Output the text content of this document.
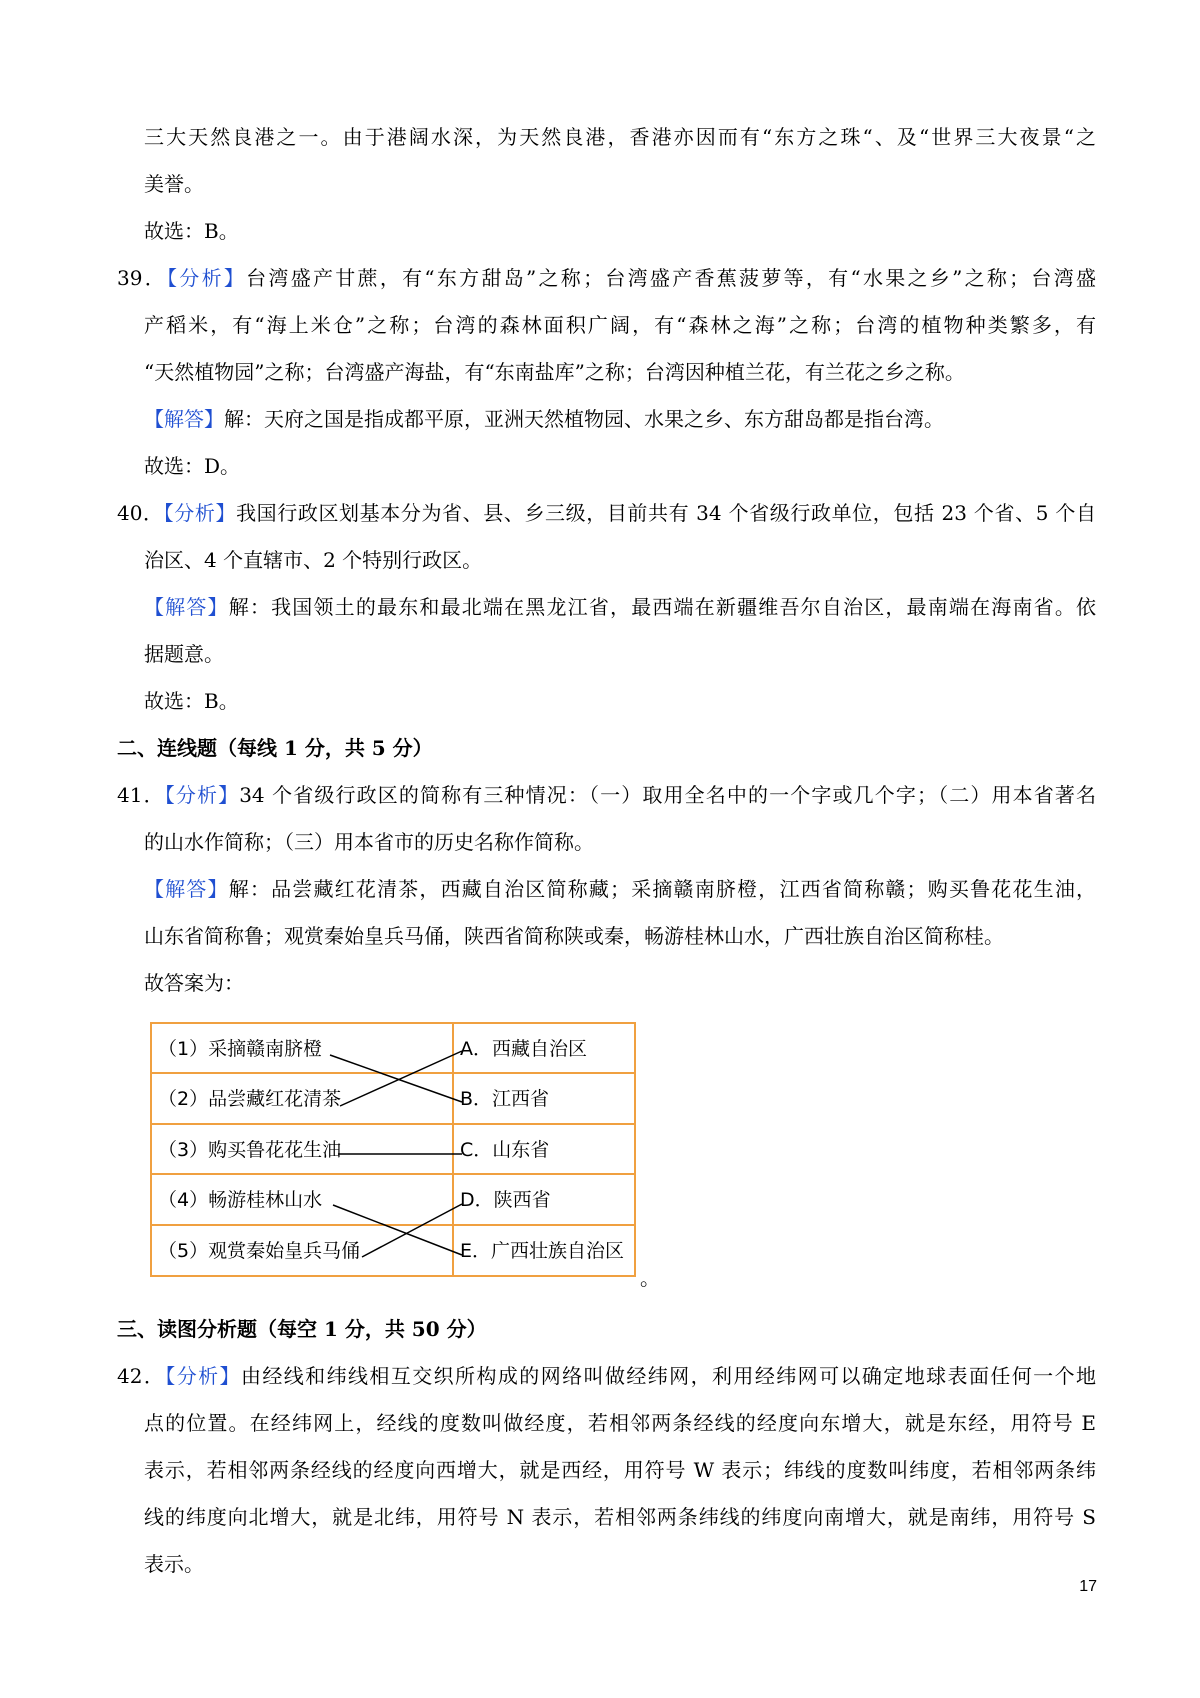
三大天然良港之一。由于港阔水深，为天然良港，香港亦因而有“东方之珠“、及“世界三大夜景“之
美誉。
故选：B。
39．【分析】台湾盛产甘蔗，有“东方甜岛”之称；台湾盛产香蕉菠萝等，有“水果之乡”之称；台湾盛
产稻米，有“海上米仓”之称；台湾的森林面积广阔，有“森林之海”之称；台湾的植物种类繁多，有
“天然植物园”之称；台湾盛产海盐，有“东南盐库”之称；台湾因种植兰花，有兰花之乡之称。
【解答】解：天府之国是指成都平原，亚洲天然植物园、水果之乡、东方甜岛都是指台湾。
故选：D。
40．【分析】我国行政区划基本分为省、县、乡三级，目前共有 34 个省级行政单位，包括 23 个省、5 个自
治区、4 个直辖市、2 个特别行政区。
【解答】解：我国领土的最东和最北端在黑龙江省，最西端在新疆维吾尔自治区，最南端在海南省。依
据题意。
故选：B。
二、连线题（每线 1 分，共 5 分）
41．【分析】34 个省级行政区的简称有三种情况：（一）取用全名中的一个字或几个字；（二）用本省著名
的山水作简称；（三）用本省市的历史名称作简称。
【解答】解：品尝藏红花清茶，西藏自治区简称藏；采摘赣南脐橙，江西省简称赣；购买鲁花花生油，
山东省简称鲁；观赏秦始皇兵马俑，陕西省简称陕或秦，畅游桂林山水，广西壮族自治区简称桂。
故答案为：
（1）采摘赣南脐橙
（2）品尝藏红花清茶
（3）购买鲁花花生油
（4）畅游桂林山水
（5）观赏秦始皇兵马俑
A．西藏自治区
B．江西省
C．山东省
D．陕西省
E．广西壮族自治区
。
三、读图分析题（每空 1 分，共 50 分）
42．【分析】由经线和纬线相互交织所构成的网络叫做经纬网，利用经纬网可以确定地球表面任何一个地
点的位置。在经纬网上，经线的度数叫做经度，若相邻两条经线的经度向东增大，就是东经，用符号 E
表示，若相邻两条经线的经度向西增大，就是西经，用符号 W 表示；纬线的度数叫纬度，若相邻两条纬
线的纬度向北增大，就是北纬，用符号 N 表示，若相邻两条纬线的纬度向南增大，就是南纬，用符号 S
表示。
17
